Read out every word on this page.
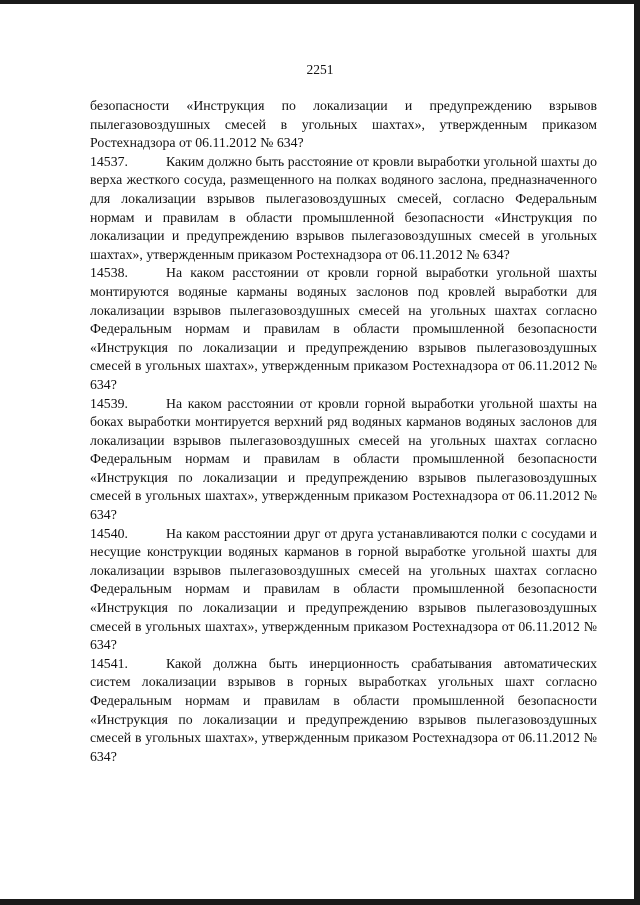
2251

безопасности «Инструкция по локализации и предупреждению взрывов пылегазовоздушных смесей в угольных шахтах», утвержденным приказом Ростехнадзора от 06.11.2012 № 634?

14537.	Каким должно быть расстояние от кровли выработки угольной шахты до верха жесткого сосуда, размещенного на полках водяного заслона, предназначенного для локализации взрывов пылегазовоздушных смесей, согласно Федеральным нормам и правилам в области промышленной безопасности «Инструкция по локализации и предупреждению взрывов пылегазовоздушных смесей в угольных шахтах», утвержденным приказом Ростехнадзора от 06.11.2012 № 634?

14538.	На каком расстоянии от кровли горной выработки угольной шахты монтируются водяные карманы водяных заслонов под кровлей выработки для локализации взрывов пылегазовоздушных смесей на угольных шахтах согласно Федеральным нормам и правилам в области промышленной безопасности «Инструкция по локализации и предупреждению взрывов пылегазовоздушных смесей в угольных шахтах», утвержденным приказом Ростехнадзора от 06.11.2012 № 634?

14539.	На каком расстоянии от кровли горной выработки угольной шахты на боках выработки монтируется верхний ряд водяных карманов водяных заслонов для локализации взрывов пылегазовоздушных смесей на угольных шахтах согласно Федеральным нормам и правилам в области промышленной безопасности «Инструкция по локализации и предупреждению взрывов пылегазовоздушных смесей в угольных шахтах», утвержденным приказом Ростехнадзора от 06.11.2012 № 634?

14540.	На каком расстоянии друг от друга устанавливаются полки с сосудами и несущие конструкции водяных карманов в горной выработке угольной шахты для локализации взрывов пылегазовоздушных смесей на угольных шахтах согласно Федеральным нормам и правилам в области промышленной безопасности «Инструкция по локализации и предупреждению взрывов пылегазовоздушных смесей в угольных шахтах», утвержденным приказом Ростехнадзора от 06.11.2012 № 634?

14541.	Какой должна быть инерционность срабатывания автоматических систем локализации взрывов в горных выработках угольных шахт согласно Федеральным нормам и правилам в области промышленной безопасности «Инструкция по локализации и предупреждению взрывов пылегазовоздушных смесей в угольных шахтах», утвержденным приказом Ростехнадзора от 06.11.2012 № 634?
